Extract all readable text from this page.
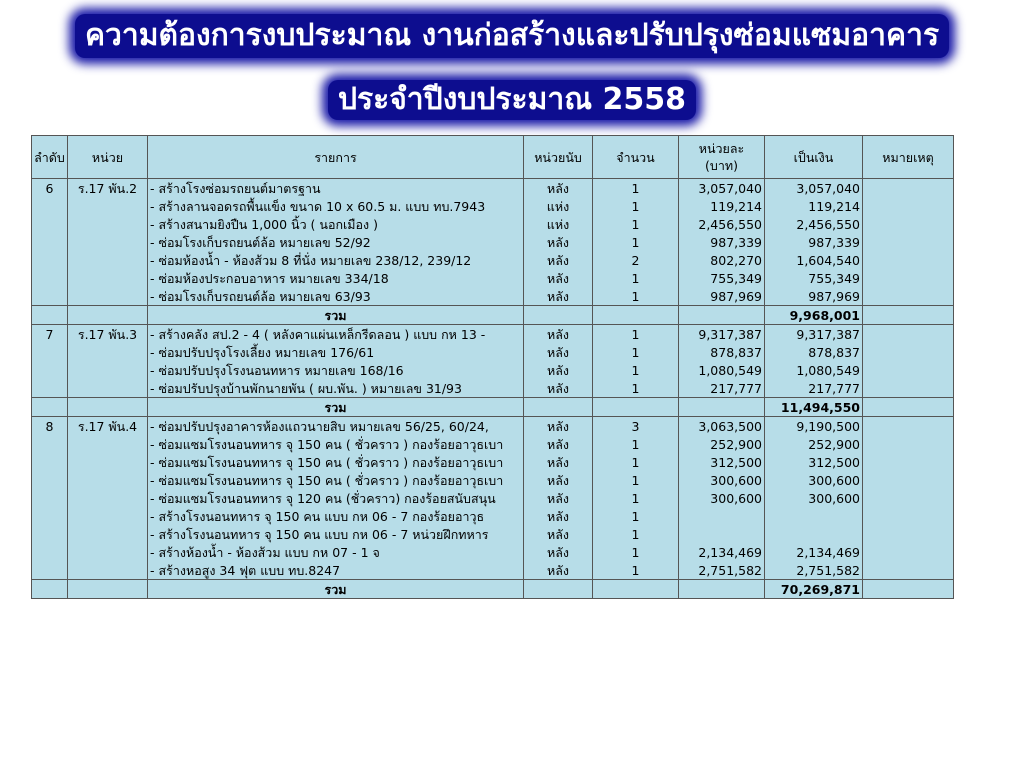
ความต้องการงบประมาณ งานก่อสร้างและปรับปรุงซ่อมแซมอาคาร
ประจำปีงบประมาณ 2558
ลำดับ	หน่วย	รายการ	หน่วยนับ	จำนวน	หน่วยละ (บาท)	เป็นเงิน	หมายเหตุ
6	ร.17 พัน.2	- สร้างโรงซ่อมรถยนต์มาตรฐาน	หลัง	1	3,057,040	3,057,040	
		- สร้างลานจอดรถพื้นแข็ง ขนาด 10 x 60.5 ม. แบบ ทบ.7943	แห่ง	1	119,214	119,214	
		- สร้างสนามยิงปืน 1,000 นิ้ว ( นอกเมือง )	แห่ง	1	2,456,550	2,456,550	
		- ซ่อมโรงเก็บรถยนต์ล้อ หมายเลข 52/92	หลัง	1	987,339	987,339	
		- ซ่อมห้องน้ำ - ห้องส้วม 8 ที่นั่ง หมายเลข 238/12, 239/12	หลัง	2	802,270	1,604,540	
		- ซ่อมห้องประกอบอาหาร หมายเลข 334/18	หลัง	1	755,349	755,349	
		- ซ่อมโรงเก็บรถยนต์ล้อ หมายเลข 63/93	หลัง	1	987,969	987,969	
		รวม				9,968,001	
7	ร.17 พัน.3	- สร้างคลัง สป.2 - 4 ( หลังคาแผ่นเหล็กรีดลอน ) แบบ กห 13 -	หลัง	1	9,317,387	9,317,387	
		- ซ่อมปรับปรุงโรงเลี้ยง หมายเลข 176/61	หลัง	1	878,837	878,837	
		- ซ่อมปรับปรุงโรงนอนทหาร หมายเลข 168/16	หลัง	1	1,080,549	1,080,549	
		- ซ่อมปรับปรุงบ้านพักนายพัน ( ผบ.พัน. ) หมายเลข 31/93	หลัง	1	217,777	217,777	
		รวม				11,494,550	
8	ร.17 พัน.4	- ซ่อมปรับปรุงอาคารห้องแถวนายสิบ หมายเลข 56/25, 60/24,	หลัง	3	3,063,500	9,190,500	
		- ซ่อมแซมโรงนอนทหาร จุ 150 คน ( ชั่วคราว ) กองร้อยอาวุธเบา	หลัง	1	252,900	252,900	
		- ซ่อมแซมโรงนอนทหาร จุ 150 คน ( ชั่วคราว ) กองร้อยอาวุธเบา	หลัง	1	312,500	312,500	
		- ซ่อมแซมโรงนอนทหาร จุ 150 คน ( ชั่วคราว ) กองร้อยอาวุธเบา	หลัง	1	300,600	300,600	
		- ซ่อมแซมโรงนอนทหาร จุ 120 คน (ชั่วคราว) กองร้อยสนับสนุน	หลัง	1	300,600	300,600	
		- สร้างโรงนอนทหาร จุ 150 คน แบบ กห 06 - 7 กองร้อยอาวุธ	หลัง	1			
		- สร้างโรงนอนทหาร จุ 150 คน แบบ กห 06 - 7 หน่วยฝึกทหาร	หลัง	1			
		- สร้างห้องน้ำ - ห้องส้วม แบบ กห 07 - 1 จ	หลัง	1	2,134,469	2,134,469	
		- สร้างหอสูง 34 ฟุต แบบ ทบ.8247	หลัง	1	2,751,582	2,751,582	
		รวม				70,269,871	
